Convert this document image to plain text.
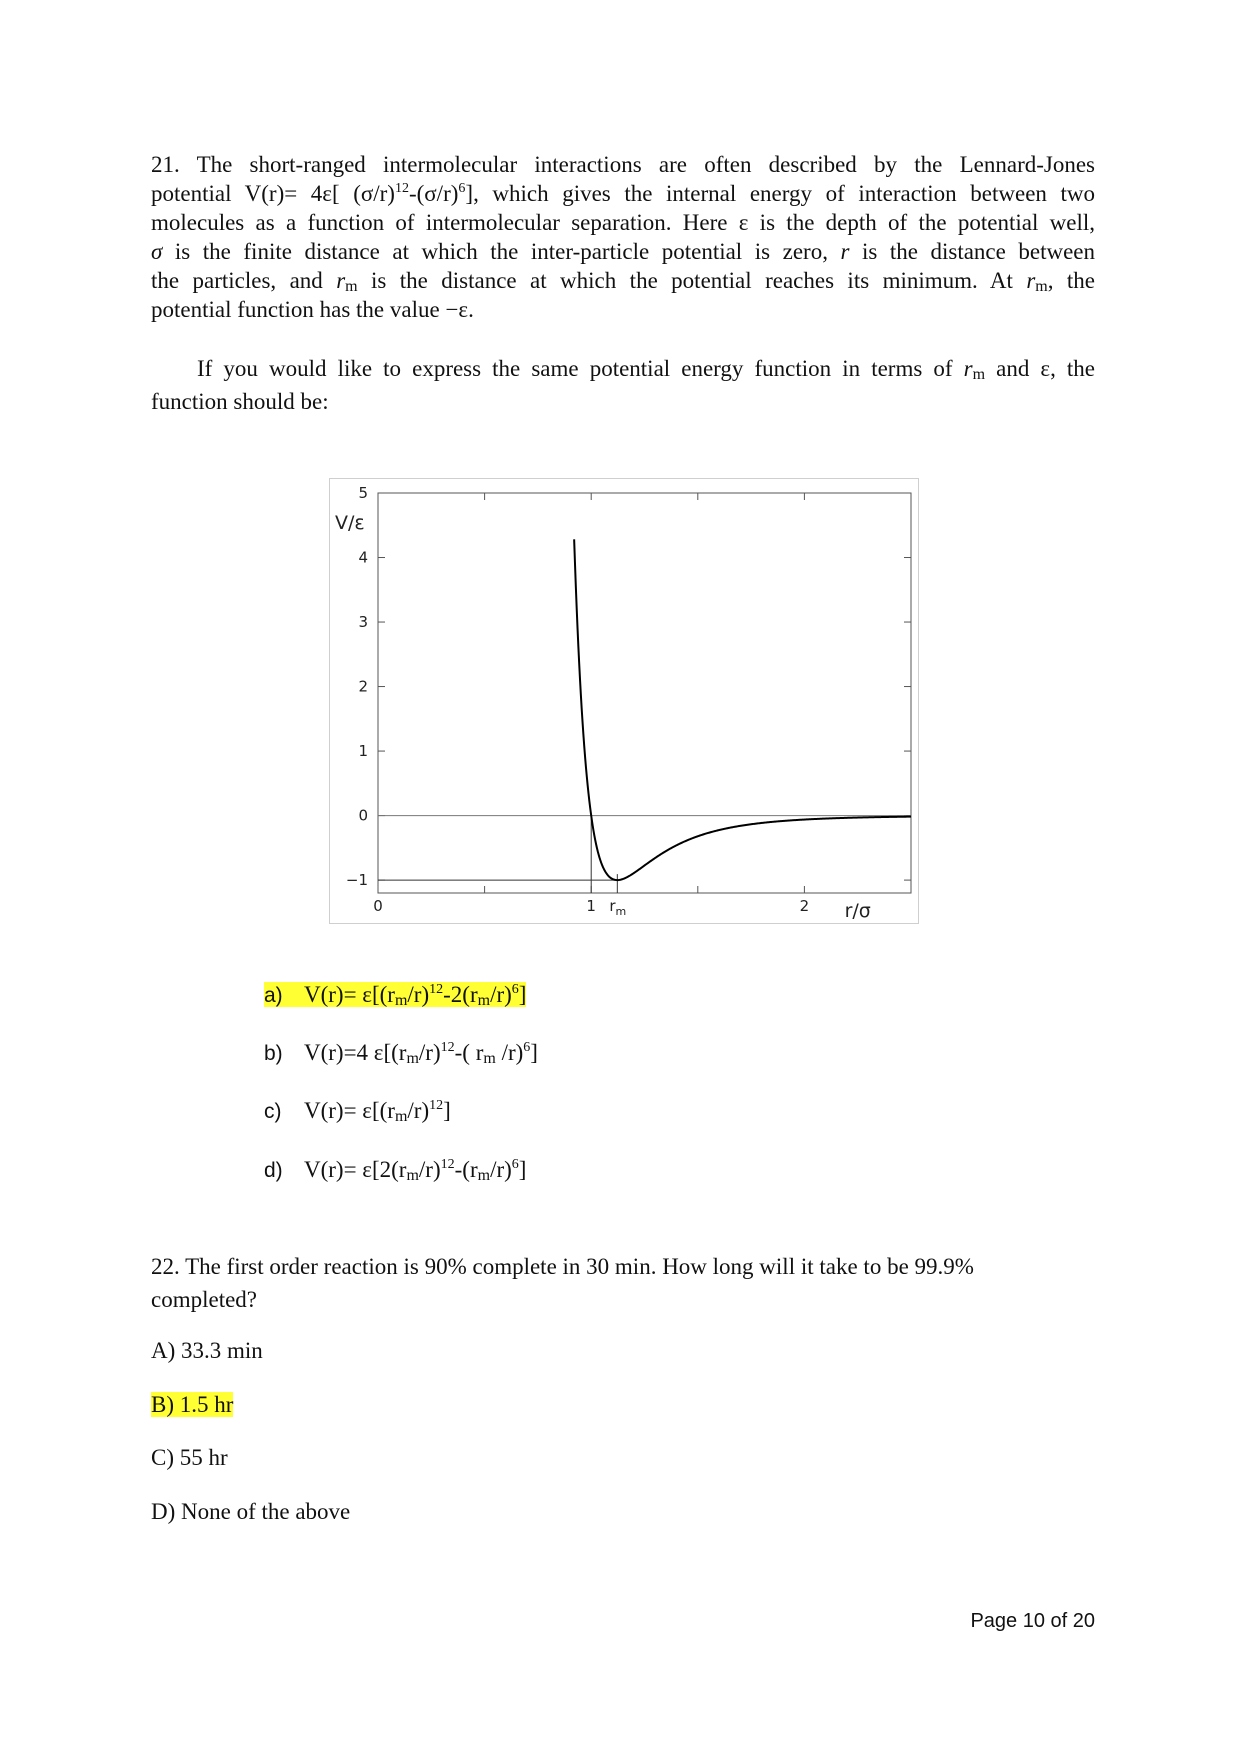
21. The short-ranged intermolecular interactions are often described by the Lennard-Jones
potential V(r)= 4ε[ $(\sigma/r)^{12}-(\sigma/r)^6$], which gives the internal energy of interaction between two
molecules as a function of intermolecular separation. Here ε is the depth of the potential well,
σ is the finite distance at which the inter-particle potential is zero, r is the distance between
the particles, and $r_m$ is the distance at which the potential reaches its minimum. At $r_m$, the
potential function has the value −ε.
If you would like to express the same potential energy function in terms of $r_m$ and ε, the
function should be:
−1
0
1
2
3
4
5
0	1	2
V/ε
r/σ
$r_m$
a) $V(r)= \varepsilon[(r_m/r)^{12}-2(r_m/r)^6]$
b) V(r)=4 $\varepsilon[(r_m/r)^{12}-$( $r_m$ /r)$^6$]
c) $V(r)= \varepsilon[(r_m/r)^{12}]$
d) $V(r)= \varepsilon[2(r_m/r)^{12}-(r_m/r)^6]$
22. The first order reaction is 90% complete in 30 min. How long will it take to be 99.9%
completed?
A) 33.3 min
B) 1.5 hr
C) 55 hr
D) None of the above
Page 10 of 20
